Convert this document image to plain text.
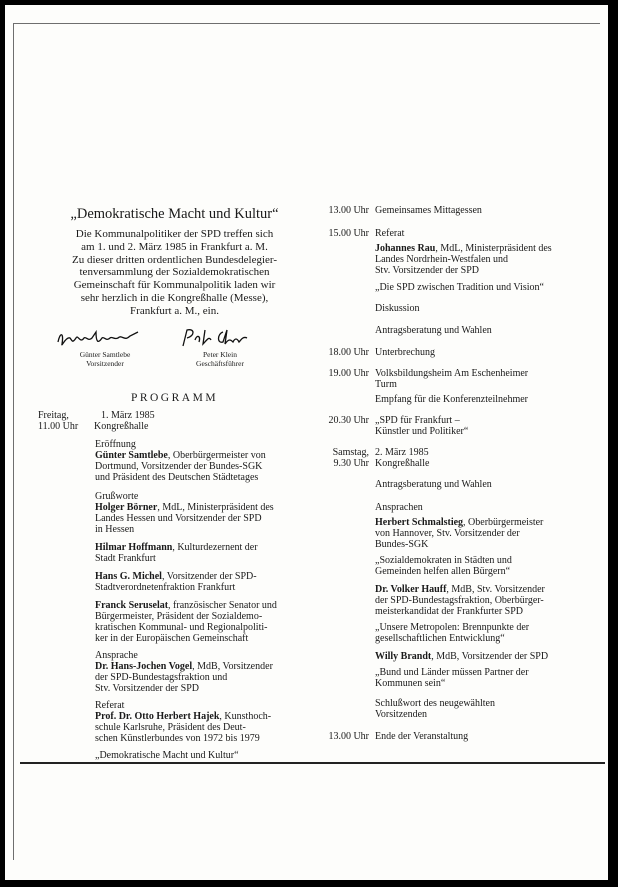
„Demokratische Macht und Kultur“
Die Kommunalpolitiker der SPD treffen sich
am 1. und 2. März 1985 in Frankfurt a. M.
Zu dieser dritten ordentlichen Bundesdelegier-
tenversammlung der Sozialdemokratischen
Gemeinschaft für Kommunalpolitik laden wir
sehr herzlich in die Kongreßhalle (Messe),
Frankfurt a. M., ein.
Günter Samtlebe
Vorsitzender
Peter Klein
Geschäftsführer
PROGRAMM
Freitag,
11.00 Uhr
1. März 1985
Kongreßhalle
Eröffnung
Günter Samtlebe, Oberbürgermeister von
Dortmund, Vorsitzender der Bundes-SGK
und Präsident des Deutschen Städtetages
Grußworte
Holger Börner, MdL, Ministerpräsident des
Landes Hessen und Vorsitzender der SPD
in Hessen
Hilmar Hoffmann, Kulturdezernent der
Stadt Frankfurt
Hans G. Michel, Vorsitzender der SPD-
Stadtverordnetenfraktion Frankfurt
Franck Seruselat, französischer Senator und
Bürgermeister, Präsident der Sozialdemo-
kratischen Kommunal- und Regionalpoliti-
ker in der Europäischen Gemeinschaft
Ansprache
Dr. Hans-Jochen Vogel, MdB, Vorsitzender
der SPD-Bundestagsfraktion und
Stv. Vorsitzender der SPD
Referat
Prof. Dr. Otto Herbert Hajek, Kunsthoch-
schule Karlsruhe, Präsident des Deut-
schen Künstlerbundes von 1972 bis 1979
„Demokratische Macht und Kultur“
13.00 Uhr Gemeinsames Mittagessen
15.00 Uhr Referat
Johannes Rau, MdL, Ministerpräsident des
Landes Nordrhein-Westfalen und
Stv. Vorsitzender der SPD
„Die SPD zwischen Tradition und Vision“
Diskussion
Antragsberatung und Wahlen
18.00 Uhr Unterbrechung
19.00 Uhr Volksbildungsheim Am Eschenheimer
Turm
Empfang für die Konferenzteilnehmer
20.30 Uhr „SPD für Frankfurt –
Künstler und Politiker“
Samstag,
9.30 Uhr
2. März 1985
Kongreßhalle
Antragsberatung und Wahlen
Ansprachen
Herbert Schmalstieg, Oberbürgermeister
von Hannover, Stv. Vorsitzender der
Bundes-SGK
„Sozialdemokraten in Städten und
Gemeinden helfen allen Bürgern“
Dr. Volker Hauff, MdB, Stv. Vorsitzender
der SPD-Bundestagsfraktion, Oberbürger-
meisterkandidat der Frankfurter SPD
„Unsere Metropolen: Brennpunkte der
gesellschaftlichen Entwicklung“
Willy Brandt, MdB, Vorsitzender der SPD
„Bund und Länder müssen Partner der
Kommunen sein“
Schlußwort des neugewählten
Vorsitzenden
13.00 Uhr Ende der Veranstaltung
